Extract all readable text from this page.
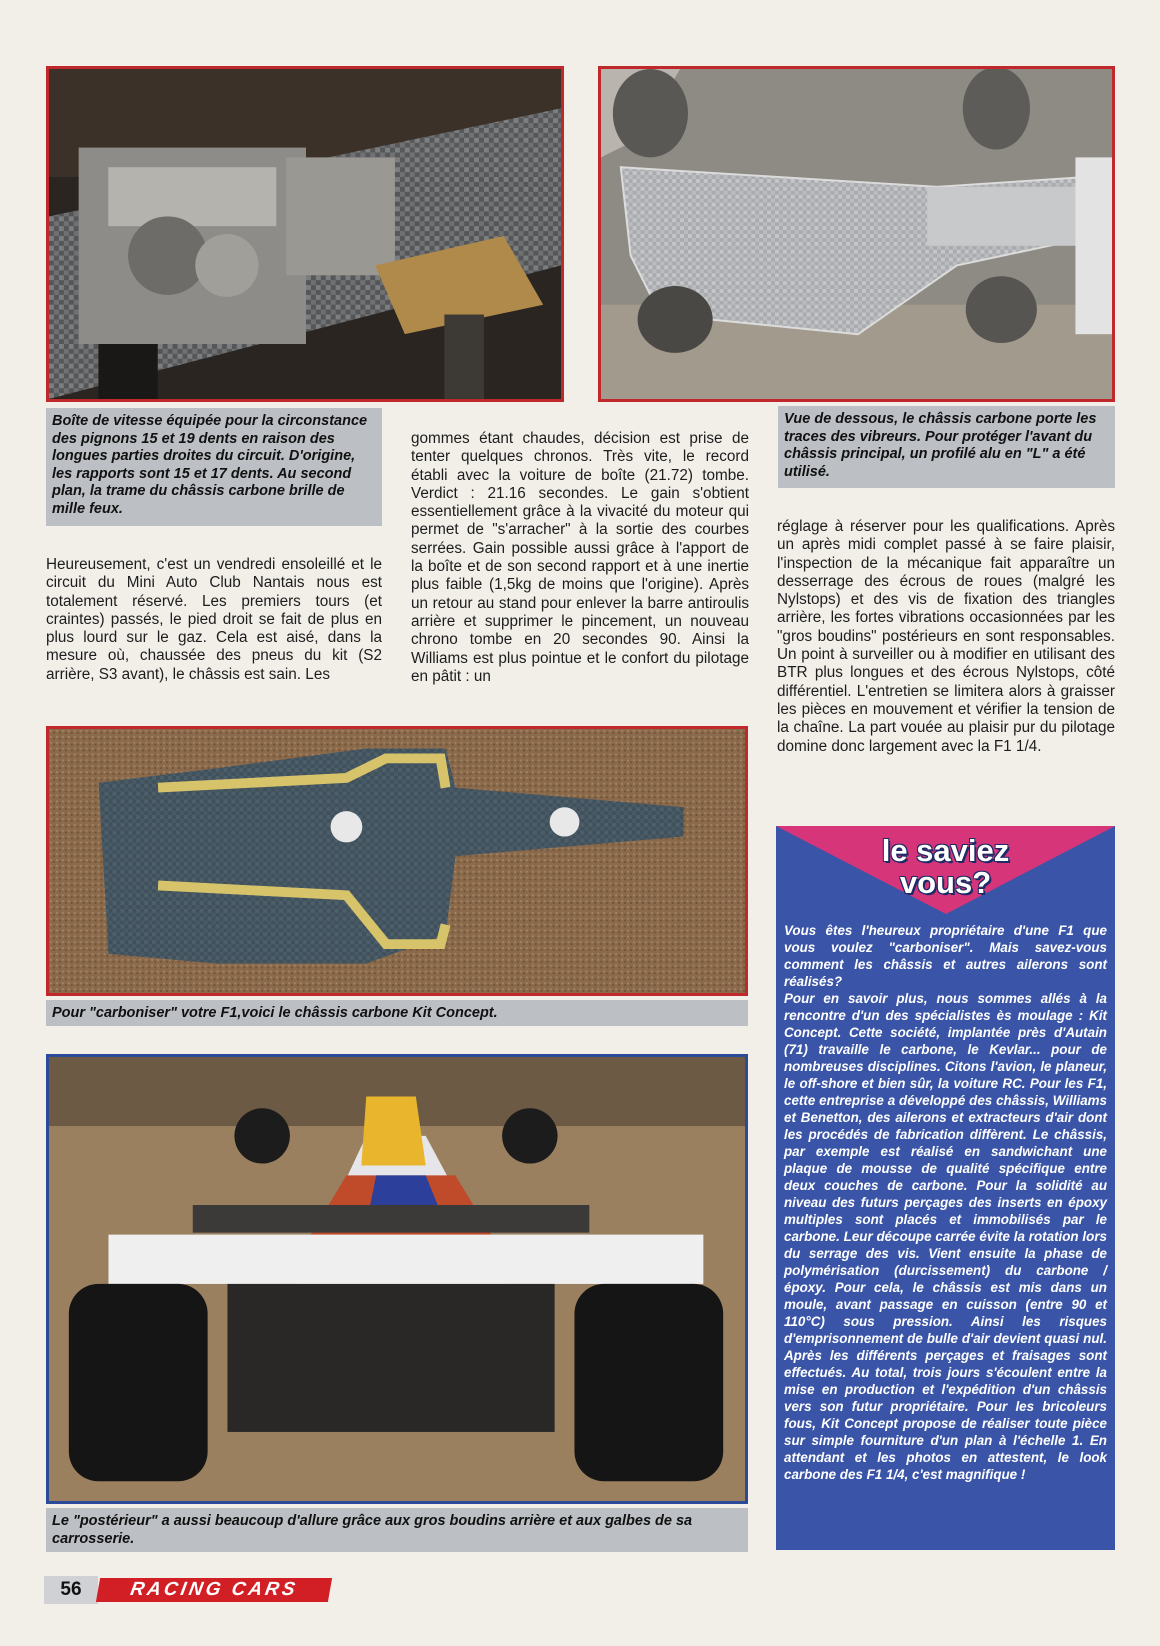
Boîte de vitesse équipée pour la circonstance des pignons 15 et 19 dents en raison des longues parties droites du circuit. D'origine, les rapports sont 15 et 17 dents. Au second plan, la trame du châssis carbone brille de mille feux.
Vue de dessous, le châssis carbone porte les traces des vibreurs. Pour protéger l'avant du châssis principal, un profilé alu en "L" a été utilisé.

Heureusement, c'est un vendredi ensoleillé et le circuit du Mini Auto Club Nantais nous est totalement réservé. Les premiers tours (et craintes) passés, le pied droit se fait de plus en plus lourd sur le gaz. Cela est aisé, dans la mesure où, chaussée des pneus du kit (S2 arrière, S3 avant), le châssis est sain. Les

gommes étant chaudes, décision est prise de tenter quelques chronos. Très vite, le record établi avec la voiture de boîte (21.72) tombe. Verdict : 21.16 secondes. Le gain s'obtient essentiellement grâce à la vivacité du moteur qui permet de "s'arracher" à la sortie des courbes serrées. Gain possible aussi grâce à l'apport de la boîte et de son second rapport et à une inertie plus faible (1,5kg de moins que l'origine). Après un retour au stand pour enlever la barre antiroulis arrière et supprimer le pincement, un nouveau chrono tombe en 20 secondes 90. Ainsi la Williams est plus pointue et le confort du pilotage en pâtit : un

réglage à réserver pour les qualifications. Après un après midi complet passé à se faire plaisir, l'inspection de la mécanique fait apparaître un desserrage des écrous de roues (malgré les Nylstops) et des vis de fixation des triangles arrière, les fortes vibrations occasionnées par les "gros boudins" postérieurs en sont responsables. Un point à surveiller ou à modifier en utilisant des BTR plus longues et des écrous Nylstops, côté différentiel. L'entretien se limitera alors à graisser les pièces en mouvement et vérifier la tension de la chaîne. La part vouée au plaisir pur du pilotage domine donc largement avec la F1 1/4.

Pour "carboniser" votre F1,voici le châssis carbone Kit Concept.
Le "postérieur" a aussi beaucoup d'allure grâce aux gros boudins arrière et aux galbes de sa carrosserie.
le saviez
vous?

Vous êtes l'heureux propriétaire d'une F1 que vous voulez "carboniser". Mais savez-vous comment les châssis et autres ailerons sont réalisés?

Pour en savoir plus, nous sommes allés à la rencontre d'un des spécialistes ès moulage : Kit Concept. Cette société, implantée près d'Autain (71) travaille le carbone, le Kevlar... pour de nombreuses disciplines. Citons l'avion, le planeur, le off-shore et bien sûr, la voiture RC. Pour les F1, cette entreprise a développé des châssis, Williams et Benetton, des ailerons et extracteurs d'air dont les procédés de fabrication diffèrent. Le châssis, par exemple est réalisé en sandwichant une plaque de mousse de qualité spécifique entre deux couches de carbone. Pour la solidité au niveau des futurs perçages des inserts en époxy multiples sont placés et immobilisés par le carbone. Leur découpe carrée évite la rotation lors du serrage des vis. Vient ensuite la phase de polymérisation (durcissement) du carbone / époxy. Pour cela, le châssis est mis dans un moule, avant passage en cuisson (entre 90 et 110°C) sous pression. Ainsi les risques d'emprisonnement de bulle d'air devient quasi nul. Après les différents perçages et fraisages sont effectués. Au total, trois jours s'écoulent entre la mise en production et l'expédition d'un châssis vers son futur propriétaire. Pour les bricoleurs fous, Kit Concept propose de réaliser toute pièce sur simple fourniture d'un plan à l'échelle 1. En attendant et les photos en attestent, le look carbone des F1 1/4, c'est magnifique !

56	RACING CARS
